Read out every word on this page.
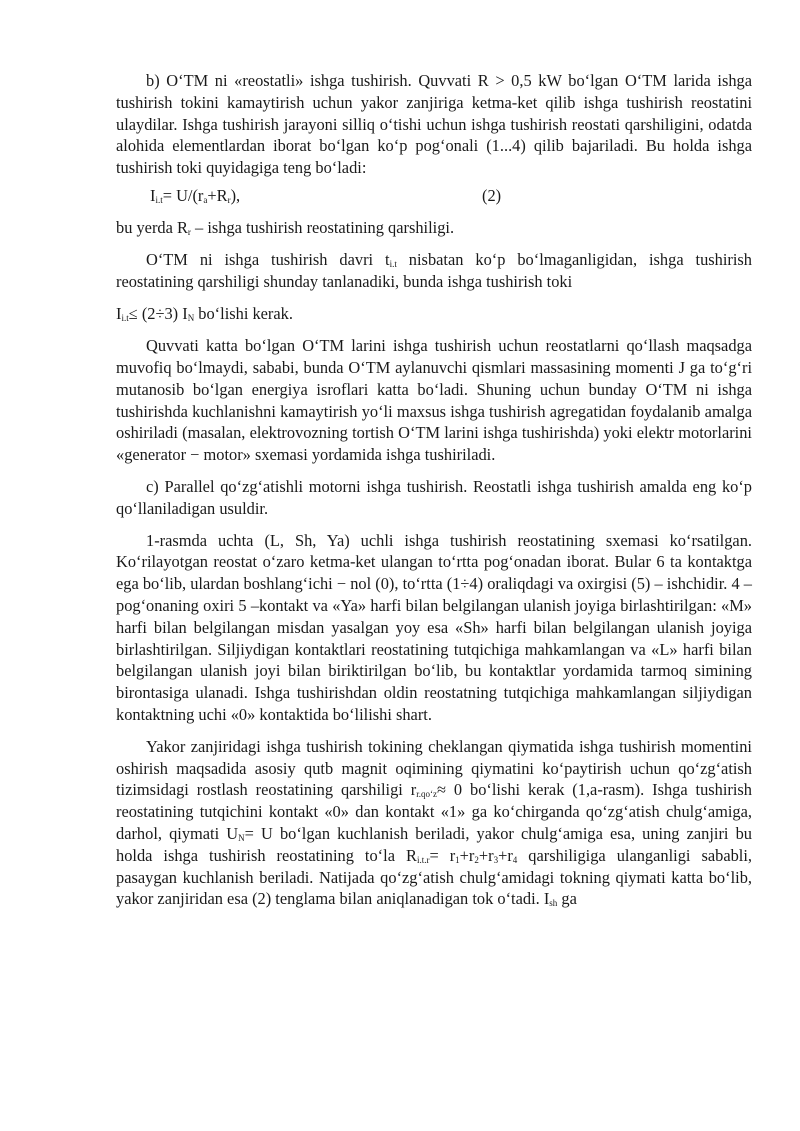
b) O‘TM ni «reostatli» ishga tushirish. Quvvati R > 0,5 kW bo‘lgan O‘TM larida ishga tushirish tokini kamaytirish uchun yakor zanjiriga ketma-ket qilib ishga tushirish reostatini ulaydilar. Ishga tushirish jarayoni silliq o‘tishi uchun ishga tushirish reostati qarshiligini, odatda alohida elementlardan iborat bo‘lgan ko‘p pog‘onali (1...4) qilib bajariladi. Bu holda ishga tushirish toki quyidagiga teng bo‘ladi:

$I_{i.t}= U/(r_a+R_r)$,	(2)

bu yerda $R_r$ – ishga tushirish reostatining qarshiligi.

O‘TM ni ishga tushirish davri $t_{i.t}$ nisbatan ko‘p bo‘lmaganligidan, ishga tushirish reostatining qarshiligi shunday tanlanadiki, bunda ishga tushirish toki

$I_{i.t}\le (2\div 3)$ $I_N$ bo‘lishi kerak.

Quvvati katta bo‘lgan O‘TM larini ishga tushirish uchun reostatlarni qo‘llash maqsadga muvofiq bo‘lmaydi, sababi, bunda O‘TM aylanuvchi qismlari massasining momenti J ga to‘g‘ri mutanosib bo‘lgan energiya isroflari katta bo‘ladi. Shuning uchun bunday O‘TM ni ishga tushirishda kuchlanishni kamaytirish yo‘li maxsus ishga tushirish agregatidan foydalanib amalga oshiriladi (masalan, elektrovozning tortish O‘TM larini ishga tushirishda) yoki elektr motorlarini «generator − motor» sxemasi yordamida ishga tushiriladi.

c) Parallel qo‘zg‘atishli motorni ishga tushirish. Reostatli ishga tushirish amalda eng ko‘p qo‘llaniladigan usuldir.

1-rasmda uchta (L, Sh, Ya) uchli ishga tushirish reostatining sxemasi ko‘rsatilgan. Ko‘rilayotgan reostat o‘zaro ketma-ket ulangan to‘rtta pog‘onadan iborat. Bular 6 ta kontaktga ega bo‘lib, ulardan boshlang‘ichi − nol (0), to‘rtta (1÷4) oraliqdagi va oxirgisi (5) – ishchidir. 4 – pog‘onaning oxiri 5 –kontakt va «Ya» harfi bilan belgilangan ulanish joyiga birlashtirilgan: «M» harfi bilan belgilangan misdan yasalgan yoy esa «Sh» harfi bilan belgilangan ulanish joyiga birlashtirilgan. Siljiydigan kontaktlari reostatining tutqichiga mahkamlangan va «L» harfi bilan belgilangan ulanish joyi bilan biriktirilgan bo‘lib, bu kontaktlar yordamida tarmoq simining birontasiga ulanadi. Ishga tushirishdan oldin reostatning tutqichiga mahkamlangan siljiydigan kontaktning uchi «0» kontaktida bo‘lilishi shart.

Yakor zanjiridagi ishga tushirish tokining cheklangan qiymatida ishga tushirish momentini oshirish maqsadida asosiy qutb magnit oqimining qiymatini ko‘paytirish uchun qo‘zg‘atish tizimsidagi rostlash reostatining qarshiligi $r_{r.qo‘z}\approx 0$ bo‘lishi kerak (1,a-rasm). Ishga tushirish reostatining tutqichini kontakt «0» dan kontakt «1» ga ko‘chirganda qo‘zg‘atish chulg‘amiga, darhol, qiymati $U_N= U$ bo‘lgan kuchlanish beriladi, yakor chulg‘amiga esa, uning zanjiri bu holda ishga tushirish reostatining to‘la $R_{i.t.r}= r_1+r_2+r_3+r_4$ qarshiligiga ulanganligi sababli, pasaygan kuchlanish beriladi. Natijada qo‘zg‘atish chulg‘amidagi tokning qiymati katta bo‘lib, yakor zanjiridan esa (2) tenglama bilan aniqlanadigan tok o‘tadi. $I_{sh}$ ga
